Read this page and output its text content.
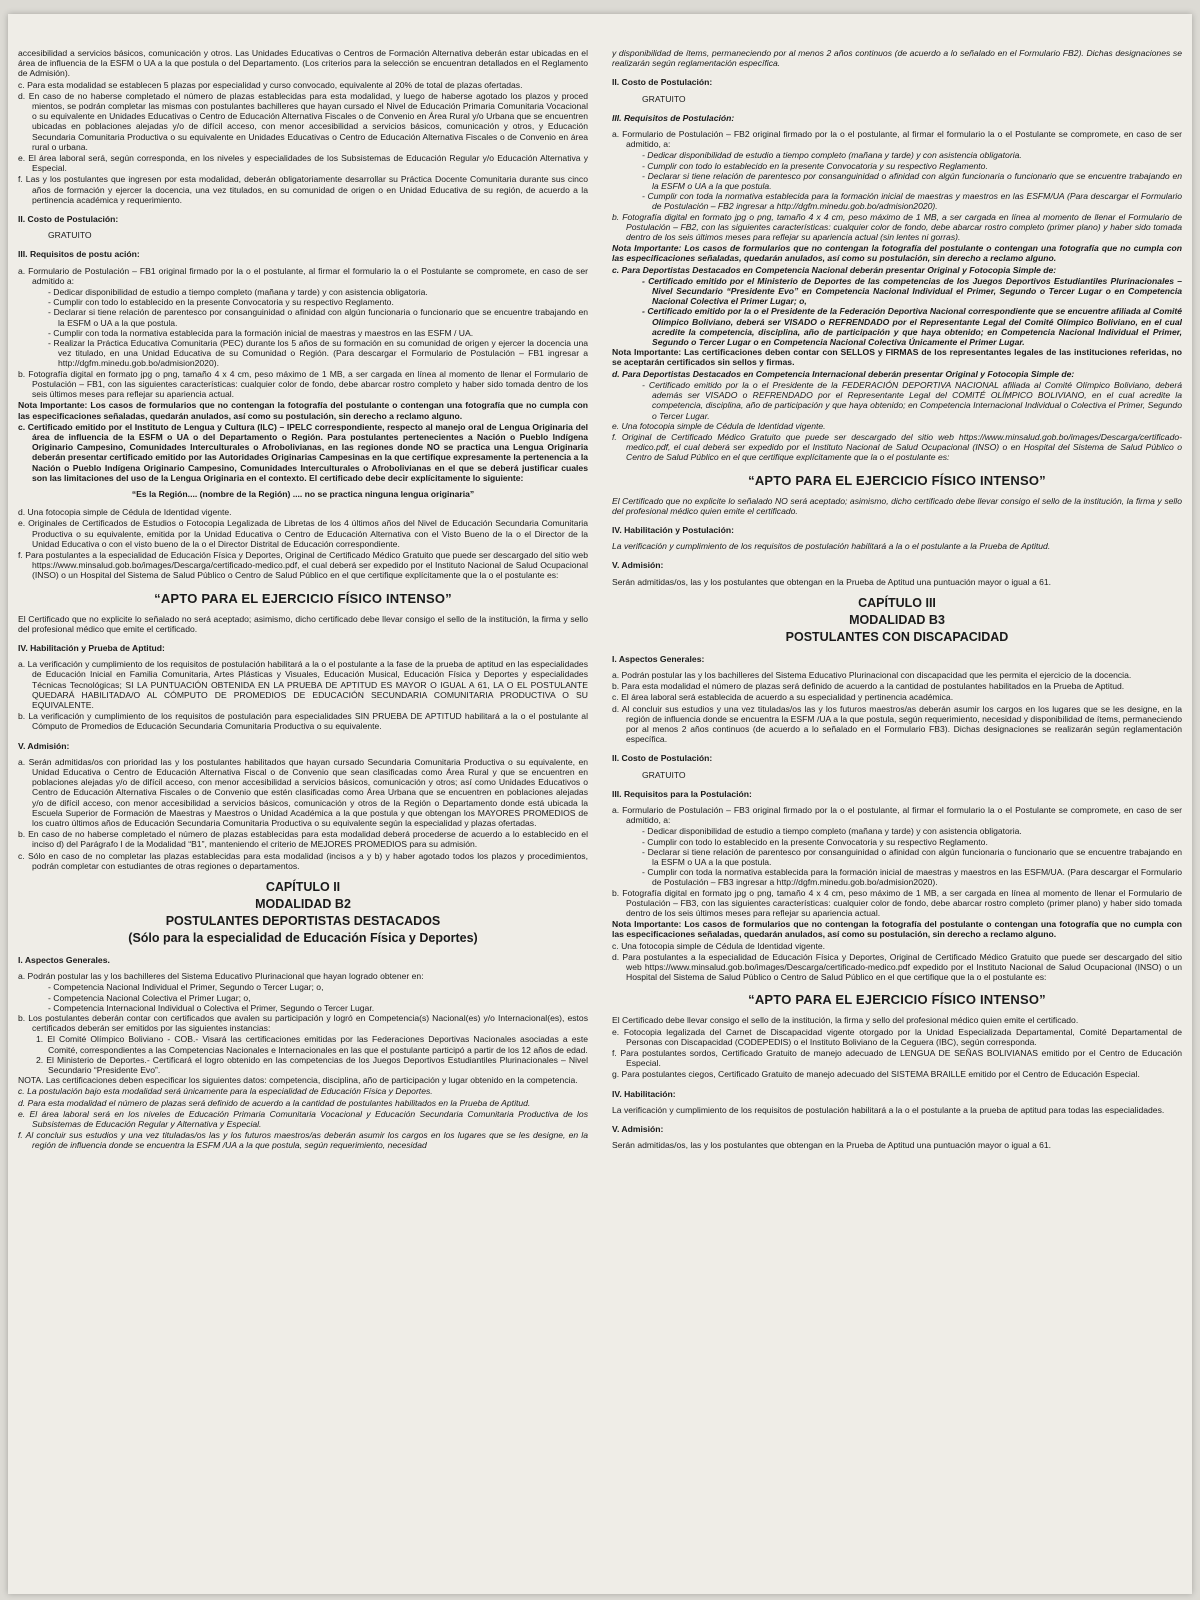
accesibilidad a servicios básicos, comunicación y otros. Las Unidades Educativas o Centros de Formación Alternativa deberán estar ubicadas en el área de influencia de la ESFM o UA a la que postula o del Departamento. (Los criterios para la selección se encuentran detallados en el Reglamento de Admisión).

c. Para esta modalidad se establecen 5 plazas por especialidad y curso convocado, equivalente al 20% de total de plazas ofertadas.

d. En caso de no haberse completado el número de plazas establecidas para esta modalidad, y luego de haberse agotado los plazos y proced mientos, se podrán completar las mismas con postulantes bachilleres que hayan cursado el Nivel de Educación Primaria Comunitaria Vocacional o su equivalente en Unidades Educativas o Centro de Educación Alternativa Fiscales o de Convenio en Área Rural y/o Urbana que se encuentren ubicadas en poblaciones alejadas y/o de difícil acceso, con menor accesibilidad a servicios básicos, comunicación y otros, y Educación Secundaria Comunitaria Productiva o su equivalente en Unidades Educativas o Centro de Educación Alternativa Fiscales o de Convenio en área rural o urbana.

e. El área laboral será, según corresponda, en los niveles y especialidades de los Subsistemas de Educación Regular y/o Educación Alternativa y Especial.

f. Las y los postulantes que ingresen por esta modalidad, deberán obligatoriamente desarrollar su Práctica Docente Comunitaria durante sus cinco años de formación y ejercer la docencia, una vez titulados, en su comunidad de origen o en Unidad Educativa de su región, de acuerdo a la pertinencia académica y requerimiento.

II. Costo de Postulación:
GRATUITO
III. Requisitos de postu ación:

a. Formulario de Postulación – FB1 original firmado por la o el postulante, al firmar el formulario la o el Postulante se compromete, en caso de ser admitido a:

- Dedicar disponibilidad de estudio a tiempo completo (mañana y tarde) y con asistencia obligatoria.

- Cumplir con todo lo establecido en la presente Convocatoria y su respectivo Reglamento.

- Declarar si tiene relación de parentesco por consanguinidad o afinidad con algún funcionaria o funcionario que se encuentre trabajando en la ESFM o UA a la que postula.

- Cumplir con toda la normativa establecida para la formación inicial de maestras y maestros en las ESFM / UA.

- Realizar la Práctica Educativa Comunitaria (PEC) durante los 5 años de su formación en su comunidad de origen y ejercer la docencia una vez titulado, en una Unidad Educativa de su Comunidad o Región. (Para descargar el Formulario de Postulación – FB1 ingresar a http://dgfm.minedu.gob.bo/admision2020).

b. Fotografía digital en formato jpg o png, tamaño 4 x 4 cm, peso máximo de 1 MB, a ser cargada en línea al momento de llenar el Formulario de Postulación – FB1, con las siguientes características: cualquier color de fondo, debe abarcar rostro completo y haber sido tomada dentro de los seis últimos meses para reflejar su apariencia actual.

Nota Importante: Los casos de formularios que no contengan la fotografía del postulante o contengan una fotografía que no cumpla con las especificaciones señaladas, quedarán anulados, así como su postulación, sin derecho a reclamo alguno.

c. Certificado emitido por el Instituto de Lengua y Cultura (ILC) – IPELC correspondiente, respecto al manejo oral de Lengua Originaria del área de influencia de la ESFM o UA o del Departamento o Región. Para postulantes pertenecientes a Nación o Pueblo Indígena Originario Campesino, Comunidades Interculturales o Afrobolivianas, en las regiones donde NO se practica una Lengua Originaria deberán presentar certificado emitido por las Autoridades Originarias Campesinas en la que certifique expresamente la pertenencia a la Nación o Pueblo Indígena Originario Campesino, Comunidades Interculturales o Afrobolivianas en el que se deberá justificar cuales son las limitaciones del uso de la Lengua Originaria en el contexto. El certificado debe decir explícitamente lo siguiente:

“Es la Región.... (nombre de la Región) .... no se practica ninguna lengua originaria”

d. Una fotocopia simple de Cédula de Identidad vigente.

e. Originales de Certificados de Estudios o Fotocopia Legalizada de Libretas de los 4 últimos años del Nivel de Educación Secundaria Comunitaria Productiva o su equivalente, emitida por la Unidad Educativa o Centro de Educación Alternativa con el Visto Bueno de la o el Director de la Unidad Educativa o con el visto bueno de la o el Director Distrital de Educación correspondiente.

f. Para postulantes a la especialidad de Educación Física y Deportes, Original de Certificado Médico Gratuito que puede ser descargado del sitio web https://www.minsalud.gob.bo/images/Descarga/certificado-medico.pdf, el cual deberá ser expedido por el Instituto Nacional de Salud Ocupacional (INSO) o un Hospital del Sistema de Salud Público o Centro de Salud Público en el que certifique explícitamente que la o el postulante es:

“APTO PARA EL EJERCICIO FÍSICO INTENSO”

El Certificado que no explicite lo señalado no será aceptado; asimismo, dicho certificado debe llevar consigo el sello de la institución, la firma y sello del profesional médico que emite el certificado.

IV. Habilitación y Prueba de Aptitud:

a. La verificación y cumplimiento de los requisitos de postulación habilitará a la o el postulante a la fase de la prueba de aptitud en las especialidades de Educación Inicial en Familia Comunitaria, Artes Plásticas y Visuales, Educación Musical, Educación Física y Deportes y especialidades Técnicas Tecnológicas; SI LA PUNTUACIÓN OBTENIDA EN LA PRUEBA DE APTITUD ES MAYOR O IGUAL A 61, LA O EL POSTULANTE QUEDARÁ HABILITADA/O AL CÓMPUTO DE PROMEDIOS DE EDUCACIÓN SECUNDARIA COMUNITARIA PRODUCTIVA O SU EQUIVALENTE.

b. La verificación y cumplimiento de los requisitos de postulación para especialidades SIN PRUEBA DE APTITUD habilitará a la o el postulante al Cómputo de Promedios de Educación Secundaria Comunitaria Productiva o su equivalente.

V. Admisión:

a. Serán admitidas/os con prioridad las y los postulantes habilitados que hayan cursado Secundaria Comunitaria Productiva o su equivalente, en Unidad Educativa o Centro de Educación Alternativa Fiscal o de Convenio que sean clasificadas como Área Rural y que se encuentren en poblaciones alejadas y/o de difícil acceso, con menor accesibilidad a servicios básicos, comunicación y otros; así como Unidades Educativos o Centro de Educación Alternativa Fiscales o de Convenio que estén clasificadas como Área Urbana que se encuentren en poblaciones alejadas y/o de difícil acceso, con menor accesibilidad a servicios básicos, comunicación y otros de la Región o Departamento donde está ubicada la Escuela Superior de Formación de Maestras y Maestros o Unidad Académica a la que postula y que obtengan los MAYORES PROMEDIOS de los cuatro últimos años de Educación Secundaria Comunitaria Productiva o su equivalente según la especialidad y plazas ofertadas.

b. En caso de no haberse completado el número de plazas establecidas para esta modalidad deberá procederse de acuerdo a lo establecido en el inciso d) del Parágrafo I de la Modalidad “B1”, manteniendo el criterio de MEJORES PROMEDIOS para su admisión.

c. Sólo en caso de no completar las plazas establecidas para esta modalidad (incisos a y b) y haber agotado todos los plazos y procedimientos, podrán completar con estudiantes de otras regiones o departamentos.

CAPÍTULO II
MODALIDAD B2
POSTULANTES DEPORTISTAS DESTACADOS
(Sólo para la especialidad de Educación Física y Deportes)
I. Aspectos Generales.

a. Podrán postular las y los bachilleres del Sistema Educativo Plurinacional que hayan logrado obtener en:

- Competencia Nacional Individual el Primer, Segundo o Tercer Lugar; o,

- Competencia Nacional Colectiva el Primer Lugar; o,

- Competencia Internacional Individual o Colectiva el Primer, Segundo o Tercer Lugar.

b. Los postulantes deberán contar con certificados que avalen su participación y logró en Competencia(s) Nacional(es) y/o Internacional(es), estos certificados deberán ser emitidos por las siguientes instancias:

1. El Comité Olímpico Boliviano - COB.- Visará las certificaciones emitidas por las Federaciones Deportivas Nacionales asociadas a este Comité, correspondientes a las Competencias Nacionales e Internacionales en las que el postulante participó a partir de los 12 años de edad.

2. El Ministerio de Deportes.- Certificará el logro obtenido en las competencias de los Juegos Deportivos Estudiantiles Plurinacionales – Nivel Secundario “Presidente Evo”.

NOTA. Las certificaciones deben especificar los siguientes datos: competencia, disciplina, año de participación y lugar obtenido en la competencia.

c. La postulación bajo esta modalidad será únicamente para la especialidad de Educación Física y Deportes.

d. Para esta modalidad el número de plazas será definido de acuerdo a la cantidad de postulantes habilitados en la Prueba de Aptitud.

e. El área laboral será en los niveles de Educación Primaria Comunitaria Vocacional y Educación Secundaria Comunitaria Productiva de los Subsistemas de Educación Regular y Alternativa y Especial.

f. Al concluir sus estudios y una vez tituladas/os las y los futuros maestros/as deberán asumir los cargos en los lugares que se les designe, en la región de influencia donde se encuentra la ESFM /UA a la que postula, según requerimiento, necesidad

y disponibilidad de ítems, permaneciendo por al menos 2 años continuos (de acuerdo a lo señalado en el Formulario FB2). Dichas designaciones se realizarán según reglamentación específica.

II. Costo de Postulación:
GRATUITO
III. Requisitos de Postulación:

a. Formulario de Postulación – FB2 original firmado por la o el postulante, al firmar el formulario la o el Postulante se compromete, en caso de ser admitido, a:

- Dedicar disponibilidad de estudio a tiempo completo (mañana y tarde) y con asistencia obligatoria.

- Cumplir con todo lo establecido en la presente Convocatoria y su respectivo Reglamento.

- Declarar si tiene relación de parentesco por consanguinidad o afinidad con algún funcionaria o funcionario que se encuentre trabajando en la ESFM o UA a la que postula.

- Cumplir con toda la normativa establecida para la formación inicial de maestras y maestros en las ESFM/UA (Para descargar el Formulario de Postulación – FB2 ingresar a http://dgfm.minedu.gob.bo/admision2020).

b. Fotografía digital en formato jpg o png, tamaño 4 x 4 cm, peso máximo de 1 MB, a ser cargada en línea al momento de llenar el Formulario de Postulación – FB2, con las siguientes características: cualquier color de fondo, debe abarcar rostro completo (primer plano) y haber sido tomada dentro de los seis últimos meses para reflejar su apariencia actual (sin lentes ni gorras).

Nota Importante: Los casos de formularios que no contengan la fotografía del postulante o contengan una fotografía que no cumpla con las especificaciones señaladas, quedarán anulados, así como su postulación, sin derecho a reclamo alguno.

c. Para Deportistas Destacados en Competencia Nacional deberán presentar Original y Fotocopia Simple de:

- Certificado emitido por el Ministerio de Deportes de las competencias de los Juegos Deportivos Estudiantiles Plurinacionales – Nivel Secundario “Presidente Evo” en Competencia Nacional Individual el Primer, Segundo o Tercer Lugar o en Competencia Nacional Colectiva el Primer Lugar; o,

- Certificado emitido por la o el Presidente de la Federación Deportiva Nacional correspondiente que se encuentre afiliada al Comité Olímpico Boliviano, deberá ser VISADO o REFRENDADO por el Representante Legal del Comité Olímpico Boliviano, en el cual acredite la competencia, disciplina, año de participación y que haya obtenido; en Competencia Nacional Individual el Primer, Segundo o Tercer Lugar o en Competencia Nacional Colectiva Únicamente el Primer Lugar.

Nota Importante: Las certificaciones deben contar con SELLOS y FIRMAS de los representantes legales de las instituciones referidas, no se aceptarán certificados sin sellos y firmas.

d. Para Deportistas Destacados en Competencia Internacional deberán presentar Original y Fotocopia Simple de:

- Certificado emitido por la o el Presidente de la FEDERACIÓN DEPORTIVA NACIONAL afiliada al Comité Olímpico Boliviano, deberá además ser VISADO o REFRENDADO por el Representante Legal del COMITÉ OLÍMPICO BOLIVIANO, en el cual acredite la competencia, disciplina, año de participación y que haya obtenido; en Competencia Internacional Individual o Colectiva el Primer, Segundo o Tercer Lugar.

e. Una fotocopia simple de Cédula de Identidad vigente.

f. Original de Certificado Médico Gratuito que puede ser descargado del sitio web https://www.minsalud.gob.bo/images/Descarga/certificado-medico.pdf, el cual deberá ser expedido por el Instituto Nacional de Salud Ocupacional (INSO) o en Hospital del Sistema de Salud Público o Centro de Salud Público en el que certifique explícitamente que la o el postulante es:

“APTO PARA EL EJERCICIO FÍSICO INTENSO”

El Certificado que no explicite lo señalado NO será aceptado; asimismo, dicho certificado debe llevar consigo el sello de la institución, la firma y sello del profesional médico quien emite el certificado.

IV. Habilitación y Postulación:

La verificación y cumplimiento de los requisitos de postulación habilitará a la o el postulante a la Prueba de Aptitud.

V. Admisión:

Serán admitidas/os, las y los postulantes que obtengan en la Prueba de Aptitud una puntuación mayor o igual a 61.

CAPÍTULO III
MODALIDAD B3
POSTULANTES CON DISCAPACIDAD
I. Aspectos Generales:

a. Podrán postular las y los bachilleres del Sistema Educativo Plurinacional con discapacidad que les permita el ejercicio de la docencia.

b. Para esta modalidad el número de plazas será definido de acuerdo a la cantidad de postulantes habilitados en la Prueba de Aptitud.

c. El área laboral será establecida de acuerdo a su especialidad y pertinencia académica.

d. Al concluir sus estudios y una vez tituladas/os las y los futuros maestros/as deberán asumir los cargos en los lugares que se les designe, en la región de influencia donde se encuentra la ESFM /UA a la que postula, según requerimiento, necesidad y disponibilidad de ítems, permaneciendo por al menos 2 años continuos (de acuerdo a lo señalado en el Formulario FB3). Dichas designaciones se realizarán según reglamentación específica.

II. Costo de Postulación:
GRATUITO
III. Requisitos para la Postulación:

a. Formulario de Postulación – FB3 original firmado por la o el postulante, al firmar el formulario la o el Postulante se compromete, en caso de ser admitido, a:

- Dedicar disponibilidad de estudio a tiempo completo (mañana y tarde) y con asistencia obligatoria.

- Cumplir con todo lo establecido en la presente Convocatoria y su respectivo Reglamento.

- Declarar si tiene relación de parentesco por consanguinidad o afinidad con algún funcionaria o funcionario que se encuentre trabajando en la ESFM o UA a la que postula.

- Cumplir con toda la normativa establecida para la formación inicial de maestras y maestros en las ESFM/UA. (Para descargar el Formulario de Postulación – FB3 ingresar a http://dgfm.minedu.gob.bo/admision2020).

b. Fotografía digital en formato jpg o png, tamaño 4 x 4 cm, peso máximo de 1 MB, a ser cargada en línea al momento de llenar el Formulario de Postulación – FB3, con las siguientes características: cualquier color de fondo, debe abarcar rostro completo (primer plano) y haber sido tomada dentro de los seis últimos meses para reflejar su apariencia actual.

Nota Importante: Los casos de formularios que no contengan la fotografía del postulante o contengan una fotografía que no cumpla con las especificaciones señaladas, quedarán anulados, así como su postulación, sin derecho a reclamo alguno.

c. Una fotocopia simple de Cédula de Identidad vigente.

d. Para postulantes a la especialidad de Educación Física y Deportes, Original de Certificado Médico Gratuito que puede ser descargado del sitio web https://www.minsalud.gob.bo/images/Descarga/certificado-medico.pdf expedido por el Instituto Nacional de Salud Ocupacional (INSO) o un Hospital del Sistema de Salud Público o Centro de Salud Público en el que certifique que la o el postulante es:

“APTO PARA EL EJERCICIO FÍSICO INTENSO”

El Certificado debe llevar consigo el sello de la institución, la firma y sello del profesional médico quien emite el certificado.

e. Fotocopia legalizada del Carnet de Discapacidad vigente otorgado por la Unidad Especializada Departamental, Comité Departamental de Personas con Discapacidad (CODEPEDIS) o el Instituto Boliviano de la Ceguera (IBC), según corresponda.

f. Para postulantes sordos, Certificado Gratuito de manejo adecuado de LENGUA DE SEÑAS BOLIVIANAS emitido por el Centro de Educación Especial.

g. Para postulantes ciegos, Certificado Gratuito de manejo adecuado del SISTEMA BRAILLE emitido por el Centro de Educación Especial.

IV. Habilitación:

La verificación y cumplimiento de los requisitos de postulación habilitará a la o el postulante a la prueba de aptitud para todas las especialidades.

V. Admisión:

Serán admitidas/os, las y los postulantes que obtengan en la Prueba de Aptitud una puntuación mayor o igual a 61.
